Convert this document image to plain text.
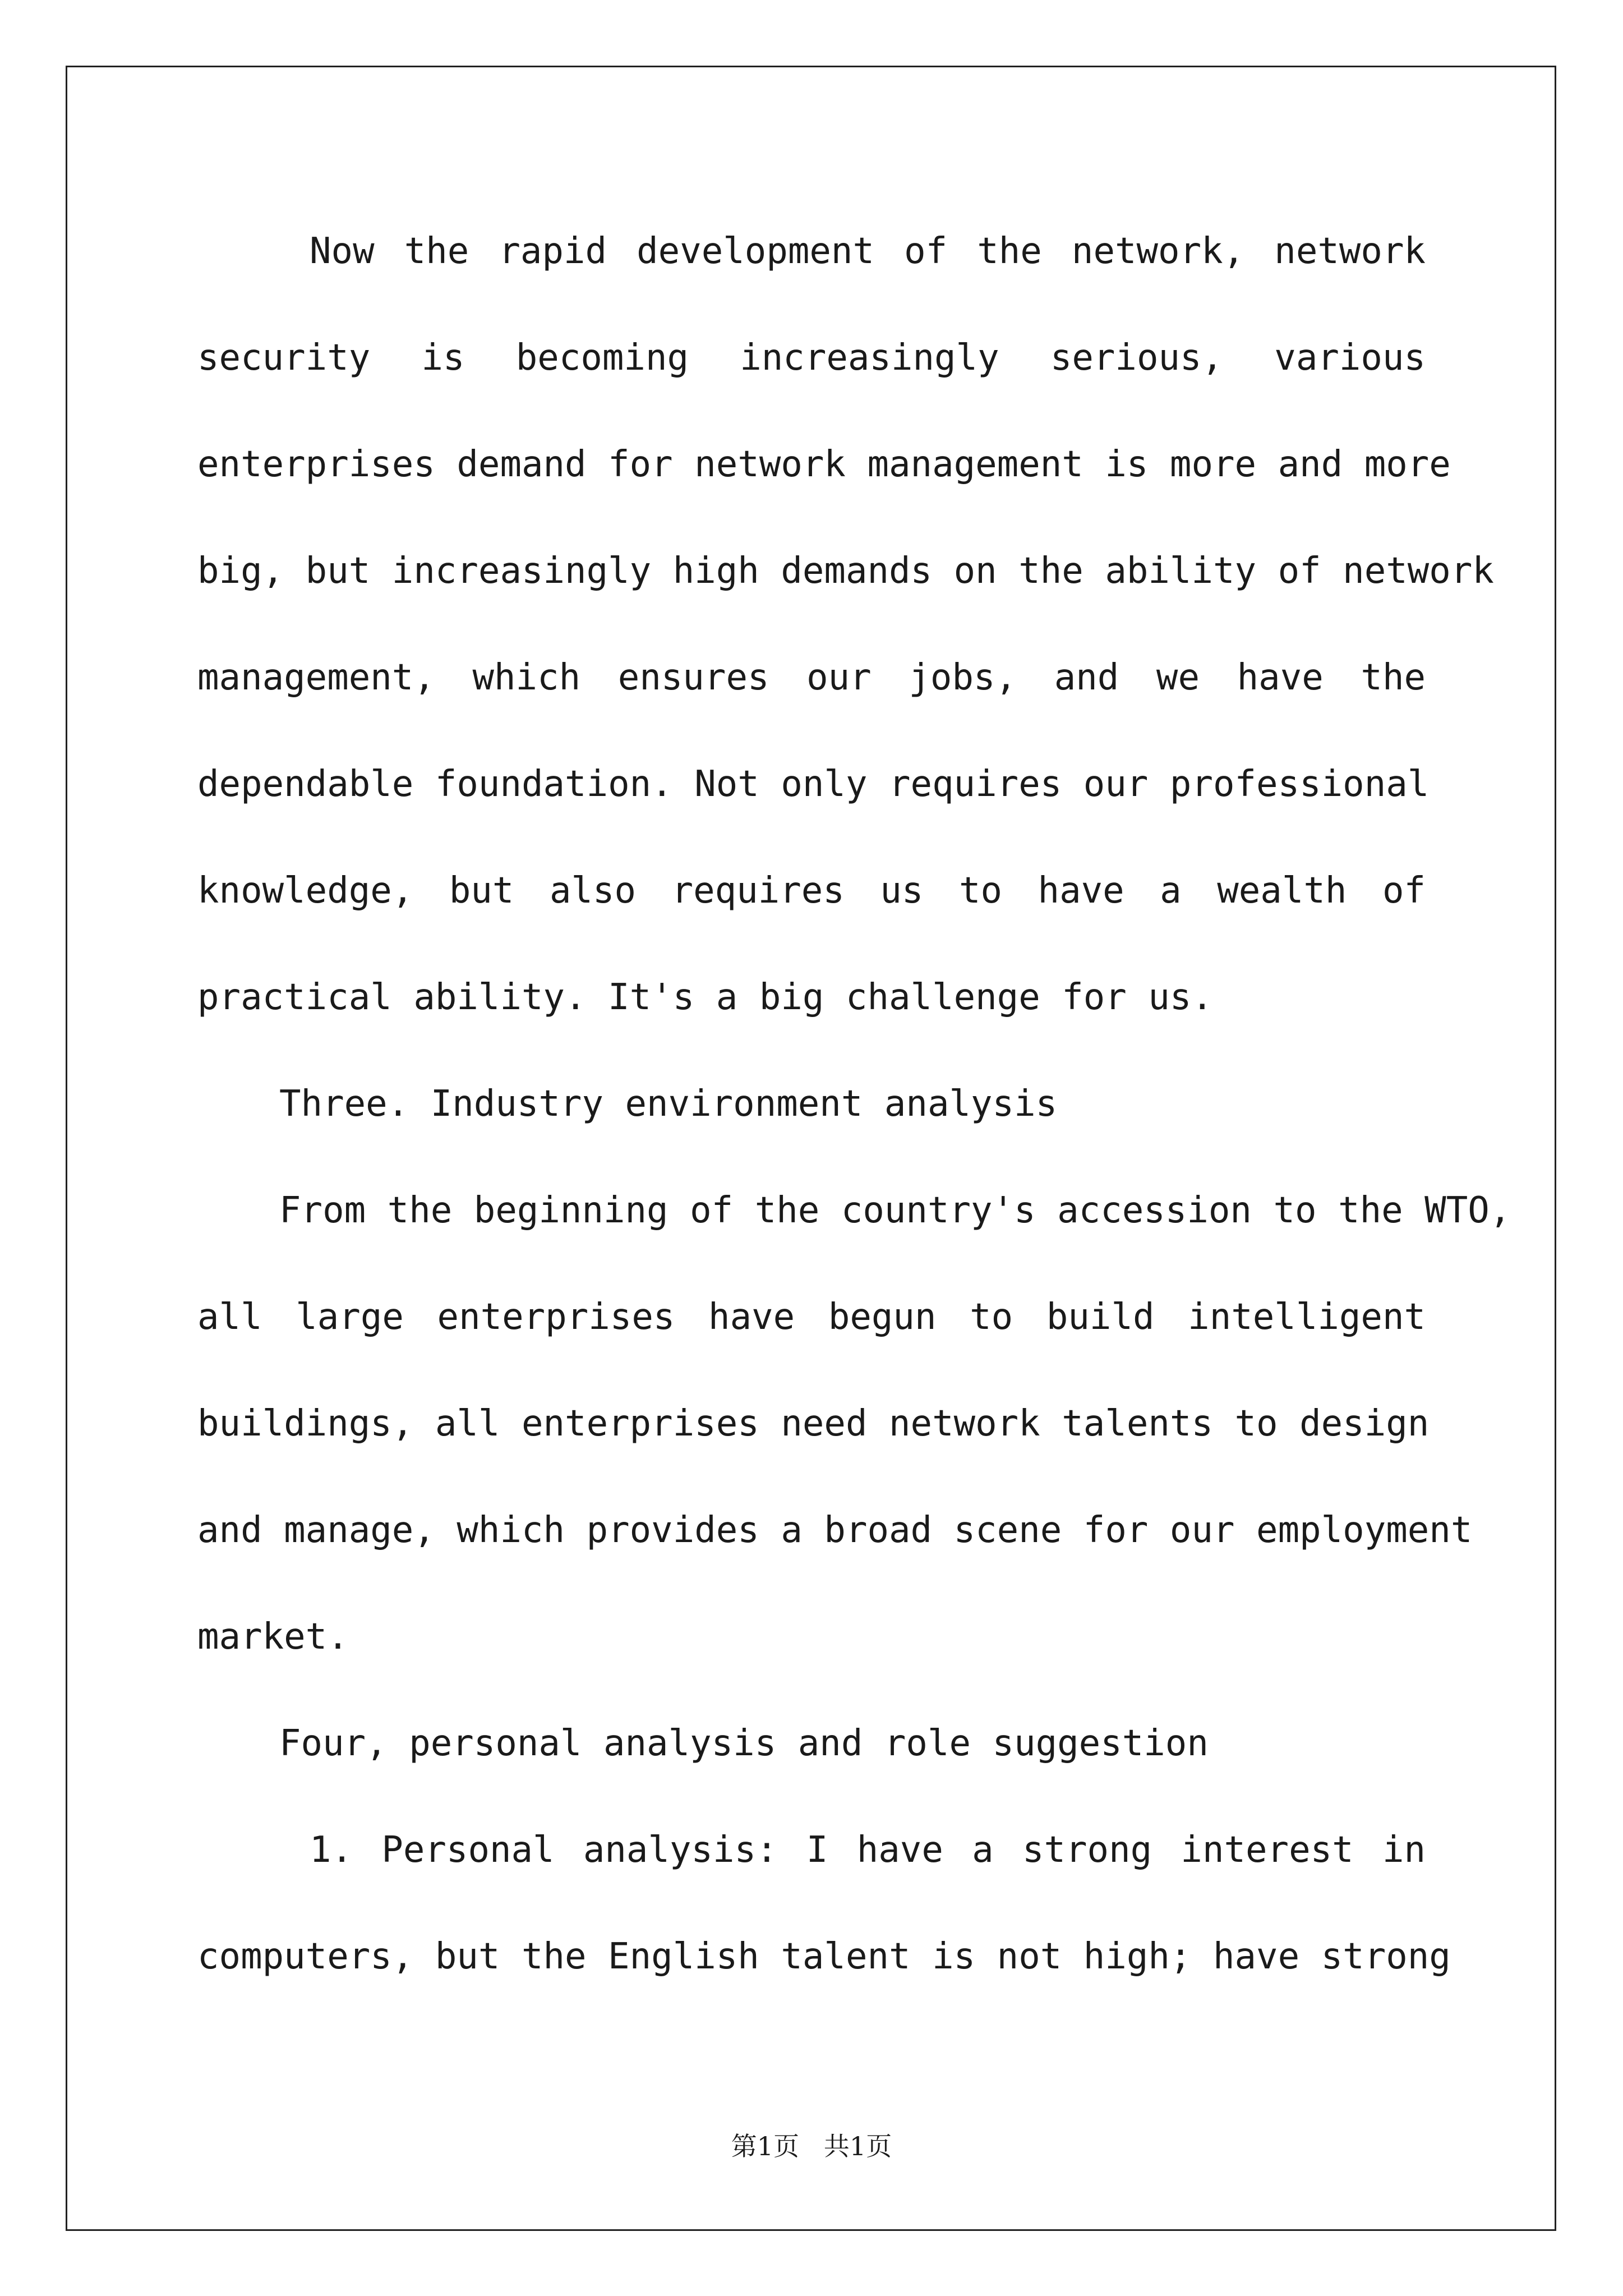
Now the rapid development of the network, network
security is becoming increasingly serious, various
enterprises demand for network management is more and more
big, but increasingly high demands on the ability of network
management, which ensures our jobs, and we have the
dependable foundation. Not only requires our professional
knowledge, but also requires us to have a wealth of
practical ability. It's a big challenge for us.
Three. Industry environment analysis
From the beginning of the country's accession to the WTO,
all large enterprises have begun to build intelligent
buildings, all enterprises need network talents to design
and manage, which provides a broad scene for our employment
market.
Four, personal analysis and role suggestion
1. Personal analysis: I have a strong interest in
computers, but the English talent is not high; have strong
第1页   共1页
